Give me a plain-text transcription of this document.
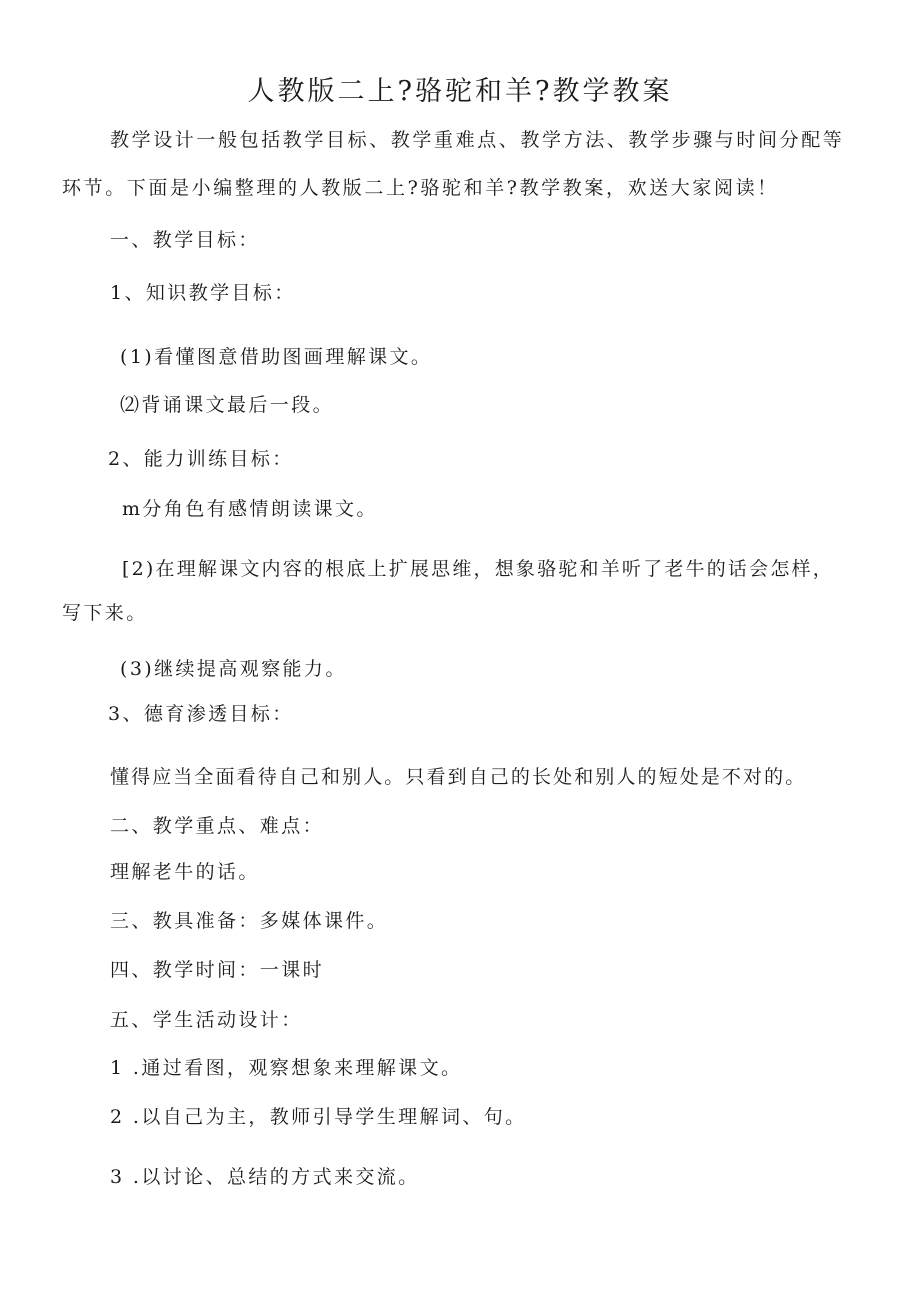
人教版二上?骆驼和羊?教学教案
教学设计一般包括教学目标、教学重难点、教学方法、教学步骤与时间分配等
环节。下面是小编整理的人教版二上?骆驼和羊?教学教案，欢送大家阅读！
一、教学目标：
1、知识教学目标：
(1)看懂图意借助图画理解课文。
⑵背诵课文最后一段。
2、能力训练目标：
m分角色有感情朗读课文。
[2)在理解课文内容的根底上扩展思维，想象骆驼和羊听了老牛的话会怎样，
写下来。
(3)继续提高观察能力。
3、德育渗透目标：
懂得应当全面看待自己和别人。只看到自己的长处和别人的短处是不对的。
二、教学重点、难点：
理解老牛的话。
三、教具准备：多媒体课件。
四、教学时间：一课时
五、学生活动设计：
1 .通过看图，观察想象来理解课文。
2 .以自己为主，教师引导学生理解词、句。
3 .以讨论、总结的方式来交流。
